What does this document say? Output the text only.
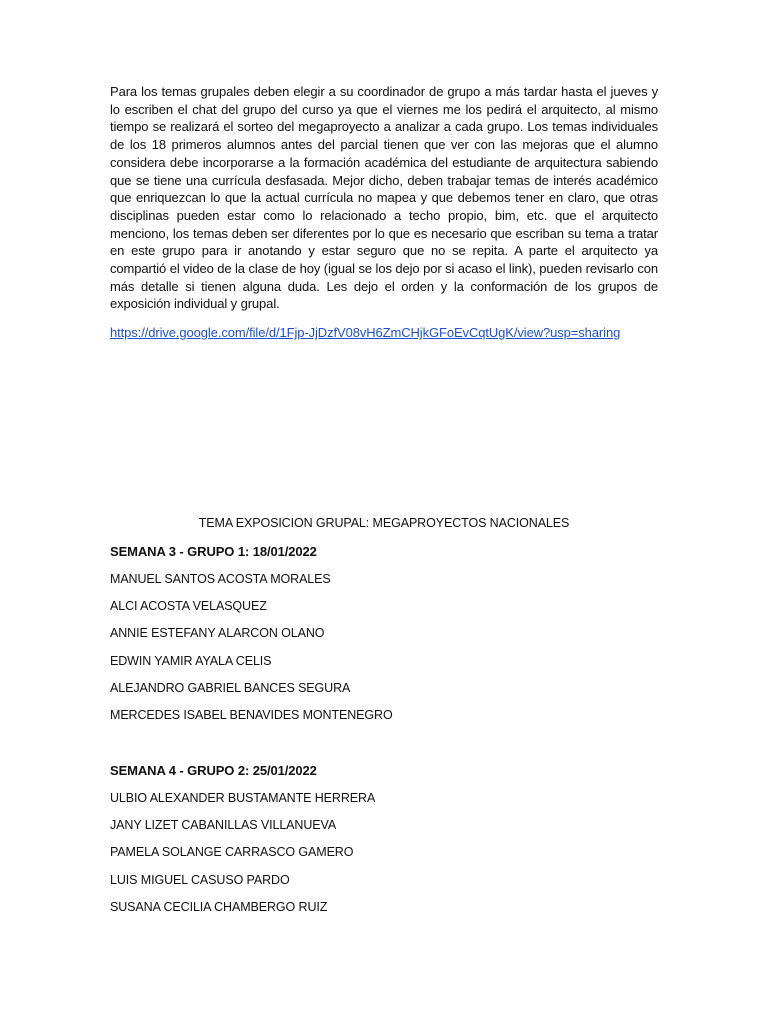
Para los temas grupales deben elegir a su coordinador de grupo a más tardar hasta el jueves y lo escriben el chat del grupo del curso ya que el viernes me los pedirá el arquitecto, al mismo tiempo se realizará el sorteo del megaproyecto a analizar a cada grupo. Los temas individuales de los 18 primeros alumnos antes del parcial tienen que ver con las mejoras que el alumno considera debe incorporarse a la formación académica del estudiante de arquitectura sabiendo que se tiene una currícula desfasada. Mejor dicho, deben trabajar temas de interés académico que enriquezcan lo que la actual currícula no mapea y que debemos tener en claro, que otras disciplinas pueden estar como lo relacionado a techo propio, bim, etc. que el arquitecto menciono, los temas deben ser diferentes por lo que es necesario que escriban su tema a tratar en este grupo para ir anotando y estar seguro que no se repita. A parte el arquitecto ya compartió el video de la clase de hoy (igual se los dejo por si acaso el link), pueden revisarlo con más detalle si tienen alguna duda. Les dejo el orden y la conformación de los grupos de exposición individual y grupal.

https://drive.google.com/file/d/1Fjp-JjDzfV08vH6ZmCHjkGFoEvCqtUgK/view?usp=sharing
TEMA EXPOSICION GRUPAL: MEGAPROYECTOS NACIONALES
SEMANA 3 - GRUPO 1: 18/01/2022
MANUEL SANTOS ACOSTA MORALES
ALCI ACOSTA VELASQUEZ
ANNIE ESTEFANY ALARCON OLANO
EDWIN YAMIR AYALA CELIS
ALEJANDRO GABRIEL BANCES SEGURA
MERCEDES ISABEL BENAVIDES MONTENEGRO
SEMANA 4 - GRUPO 2: 25/01/2022
ULBIO ALEXANDER BUSTAMANTE HERRERA
JANY LIZET CABANILLAS VILLANUEVA
PAMELA SOLANGE CARRASCO GAMERO
LUIS MIGUEL CASUSO PARDO
SUSANA CECILIA CHAMBERGO RUIZ
